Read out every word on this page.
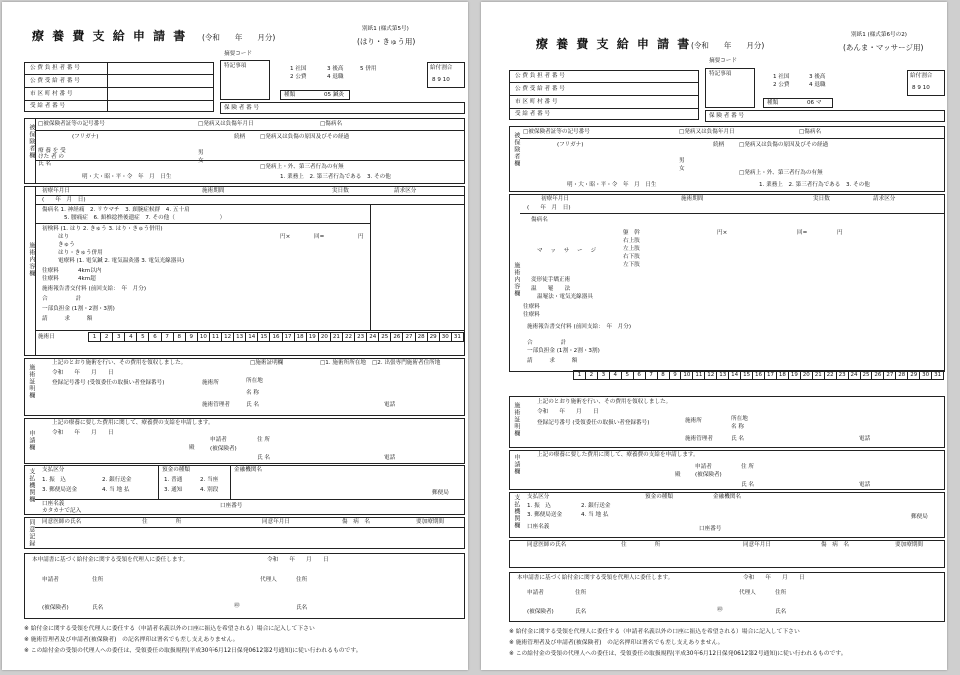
療 養 費 支 給 申 請 書 (令和　　年　　月分)
別紙1 (様式第5号)
(はり・きゅう用)
摘要コード
公 費 負 担 者 番 号
公 費 受 給 者 番 号
市 区 町 村 番 号
受 給 者 番 号
特記事項	1 社国
2 公費
3 後高
4 退職
5 併用	給付割合
8 9 10
種類	05 鍼灸
保 険 者 番 号
被保険者欄	□ 被保険者証等の記号番号	□ 発病又は負傷年月日	□ 傷病名
(フリガナ)
療 養 を 受 けた 者 の 氏 名
男
女
続柄	□ 発病又は負傷の原因及びその経過
□ 発病上・外、第三者行為の有無
明・大・昭・平・令　年　月　日生	1. 業務上　2. 第三者行為である　3. その他
施術内容欄
初療年月日	施術期間	実日数	請求区分
(　　年　月　日)
傷病名 1. 神経痛　2. リウマチ　3. 頚腕症候群　4. 五十肩
5. 腰痛症　6. 頚椎捻挫後遺症　7. その他（　　　　　　　　）
初検料 (1. はり 2. きゅう 3. はり・きゅう併用)
はり
きゅう
はり・きゅう併用
電療料 (1. 電気鍼 2. 電気温灸器 3. 電気光線器具)
円×	回=	円
往療料	4km以内
往療料	4km超
施術報告書交付料 (前回支給：　年　月分)
合　　　　　計
一部負担金 (1割・2割・3割)
請　　　求　　　額
施術日	1	2	3	4	5	6	7	8	9	10 11 12 13 14 15 16 17 18 19 20 21 22 23 24 25 26 27 28 29 30 31
施術証明欄
上記のとおり施術を行い、その費用を領収しました。	□ 施術証明欄	□ 1. 施術所所在地	□ 2. 出張専門施術者住所地
令和　　年　　月　　日
登録記号番号 (受領委任の取扱い者登録番号)	施術所	所在地
名 称
施術管理者	氏 名	電話
申請欄
上記の療養に要した費用に関して、療養費の支給を申請します。
令和　　年　　月　　日
申請者	住 所
殿	(被保険者)
氏 名	電話
支払機関欄 支払区分
1. 振　込	2. 銀行送金
3. 郵便局送金	4. 当 地 払
預金の種類
1. 普通	2. 当座
3. 通知	4. 別段
金融機関名
郵便局
口座名義
カタカナで記入
口座番号
同意記録 同意医師の氏名	住　　　　　所	同意年月日	傷　病　名	要加療期間
本申請書に基づく給付金に関する受領を代理人に委任します。	令和　　年　　月　　日
申請者	住所	代理人	住所
(被保険者)	氏名	㊞	氏名
※ 給付金に関する受領を代理人に委任する（申請者名義以外の口座に振込を希望される）場合に記入して下さい
※ 施術管理者及び申請者(被保険者)　の記名押印は署名でも差し支えありません。
※ この給付金の受領の代理人への委任は、受領委任の取扱規程(平成30年6月12日保発0612第2号通知)に従い行われるものです。
療 養 費 支 給 申 請 書 (令和　　年　　月分)
別紙1 (様式第6号の2)
(あんま・マッサージ用)
摘要コード
公 費 負 担 者 番 号
公 費 受 給 者 番 号
市 区 町 村 番 号
受 給 者 番 号
特記事項	1 社国
2 公費
3 後高
4 退職
給付割合
8 9 10
種類	06 マ
保 険 者 番 号
被保険者欄	□ 被保険者証等の記号番号	□ 発病又は負傷年月日	□ 傷病名
(フリガナ)	続柄	□ 発病又は負傷の原因及びその経過
男
女
□ 発病上・外、第三者行為の有無
明・大・昭・平・令　年　月　日生	1. 業務上　2. 第三者行為である　3. その他
施術内容欄
初療年月日	施術期間	実日数	請求区分
(　　年　月　日)
傷病名
マ ッ サ ー ジ
躯　幹
右上肢
左上肢
右下肢
左下肢
円×	回=	円
変形徒手矯正術
温　　罨　　法
温罨法・電気光線器具
往療料
往療料
施術報告書交付料 (前回支給：　年　月分)
合　　　　　計
一部負担金 (1割・2割・3割)
請　　　求　　　額
1	2	3	4	5	6	7	8	9	10 11 12 13 14 15 16 17 18 19 20 21 22 23 24 25 26 27 28 29 30 31
施術証明欄	上記のとおり施術を行い、その費用を領収しました。
令和　　年　　月　　日
登録記号番号 (受領委任の取扱い者登録番号)	施術所	所在地
名 称
施術管理者	氏 名	電話
申請欄	上記の療養に要した費用に関して、療養費の支給を申請します。
申請者	住 所
殿	(被保険者)
氏 名	電話
支払機関欄 支払区分
1. 振　込	2. 銀行送金
3. 郵便局送金	4. 当 地 払
預金の種類	金融機関名
郵便局
口座名義	口座番号
同意医師の氏名	住　　　　　所	同意年月日	傷　病　名	要加療期間
本申請書に基づく給付金に関する受領を代理人に委任します。	令和　　年　　月　　日
申請者	住所	代理人	住所
(被保険者)	氏名	㊞	氏名
※ 給付金に関する受領を代理人に委任する（申請者名義以外の口座に振込を希望される）場合に記入して下さい
※ 施術管理者及び申請者(被保険者)　の記名押印は署名でも差し支えありません。
※ この給付金の受領の代理人への委任は、受領委任の取扱規程(平成30年6月12日保発0612第2号通知)に従い行われるものです。
